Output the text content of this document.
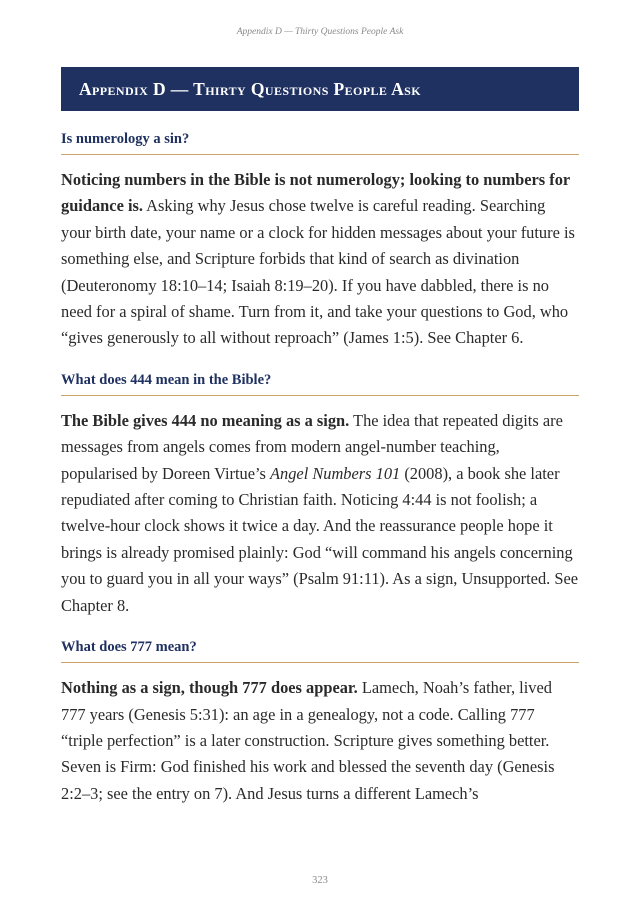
Appendix D — Thirty Questions People Ask
Appendix D — Thirty Questions People Ask
Is numerology a sin?

Noticing numbers in the Bible is not numerology; looking to numbers for guidance is. Asking why Jesus chose twelve is careful reading. Searching your birth date, your name or a clock for hidden messages about your future is something else, and Scripture forbids that kind of search as divination (Deuteronomy 18:10–14; Isaiah 8:19–20). If you have dabbled, there is no need for a spiral of shame. Turn from it, and take your questions to God, who “gives generously to all without reproach” (James 1:5). See Chapter 6.

What does 444 mean in the Bible?

The Bible gives 444 no meaning as a sign. The idea that repeated digits are messages from angels comes from modern angel-number teaching, popularised by Doreen Virtue’s Angel Numbers 101 (2008), a book she later repudiated after coming to Christian faith. Noticing 4:44 is not foolish; a twelve-hour clock shows it twice a day. And the reassurance people hope it brings is already promised plainly: God “will command his angels concerning you to guard you in all your ways” (Psalm 91:11). As a sign, Unsupported. See Chapter 8.

What does 777 mean?

Nothing as a sign, though 777 does appear. Lamech, Noah’s father, lived 777 years (Genesis 5:31): an age in a genealogy, not a code. Calling 777 “triple perfection” is a later construction. Scripture gives something better. Seven is Firm: God finished his work and blessed the seventh day (Genesis 2:2–3; see the entry on 7). And Jesus turns a different Lamech’s

323
